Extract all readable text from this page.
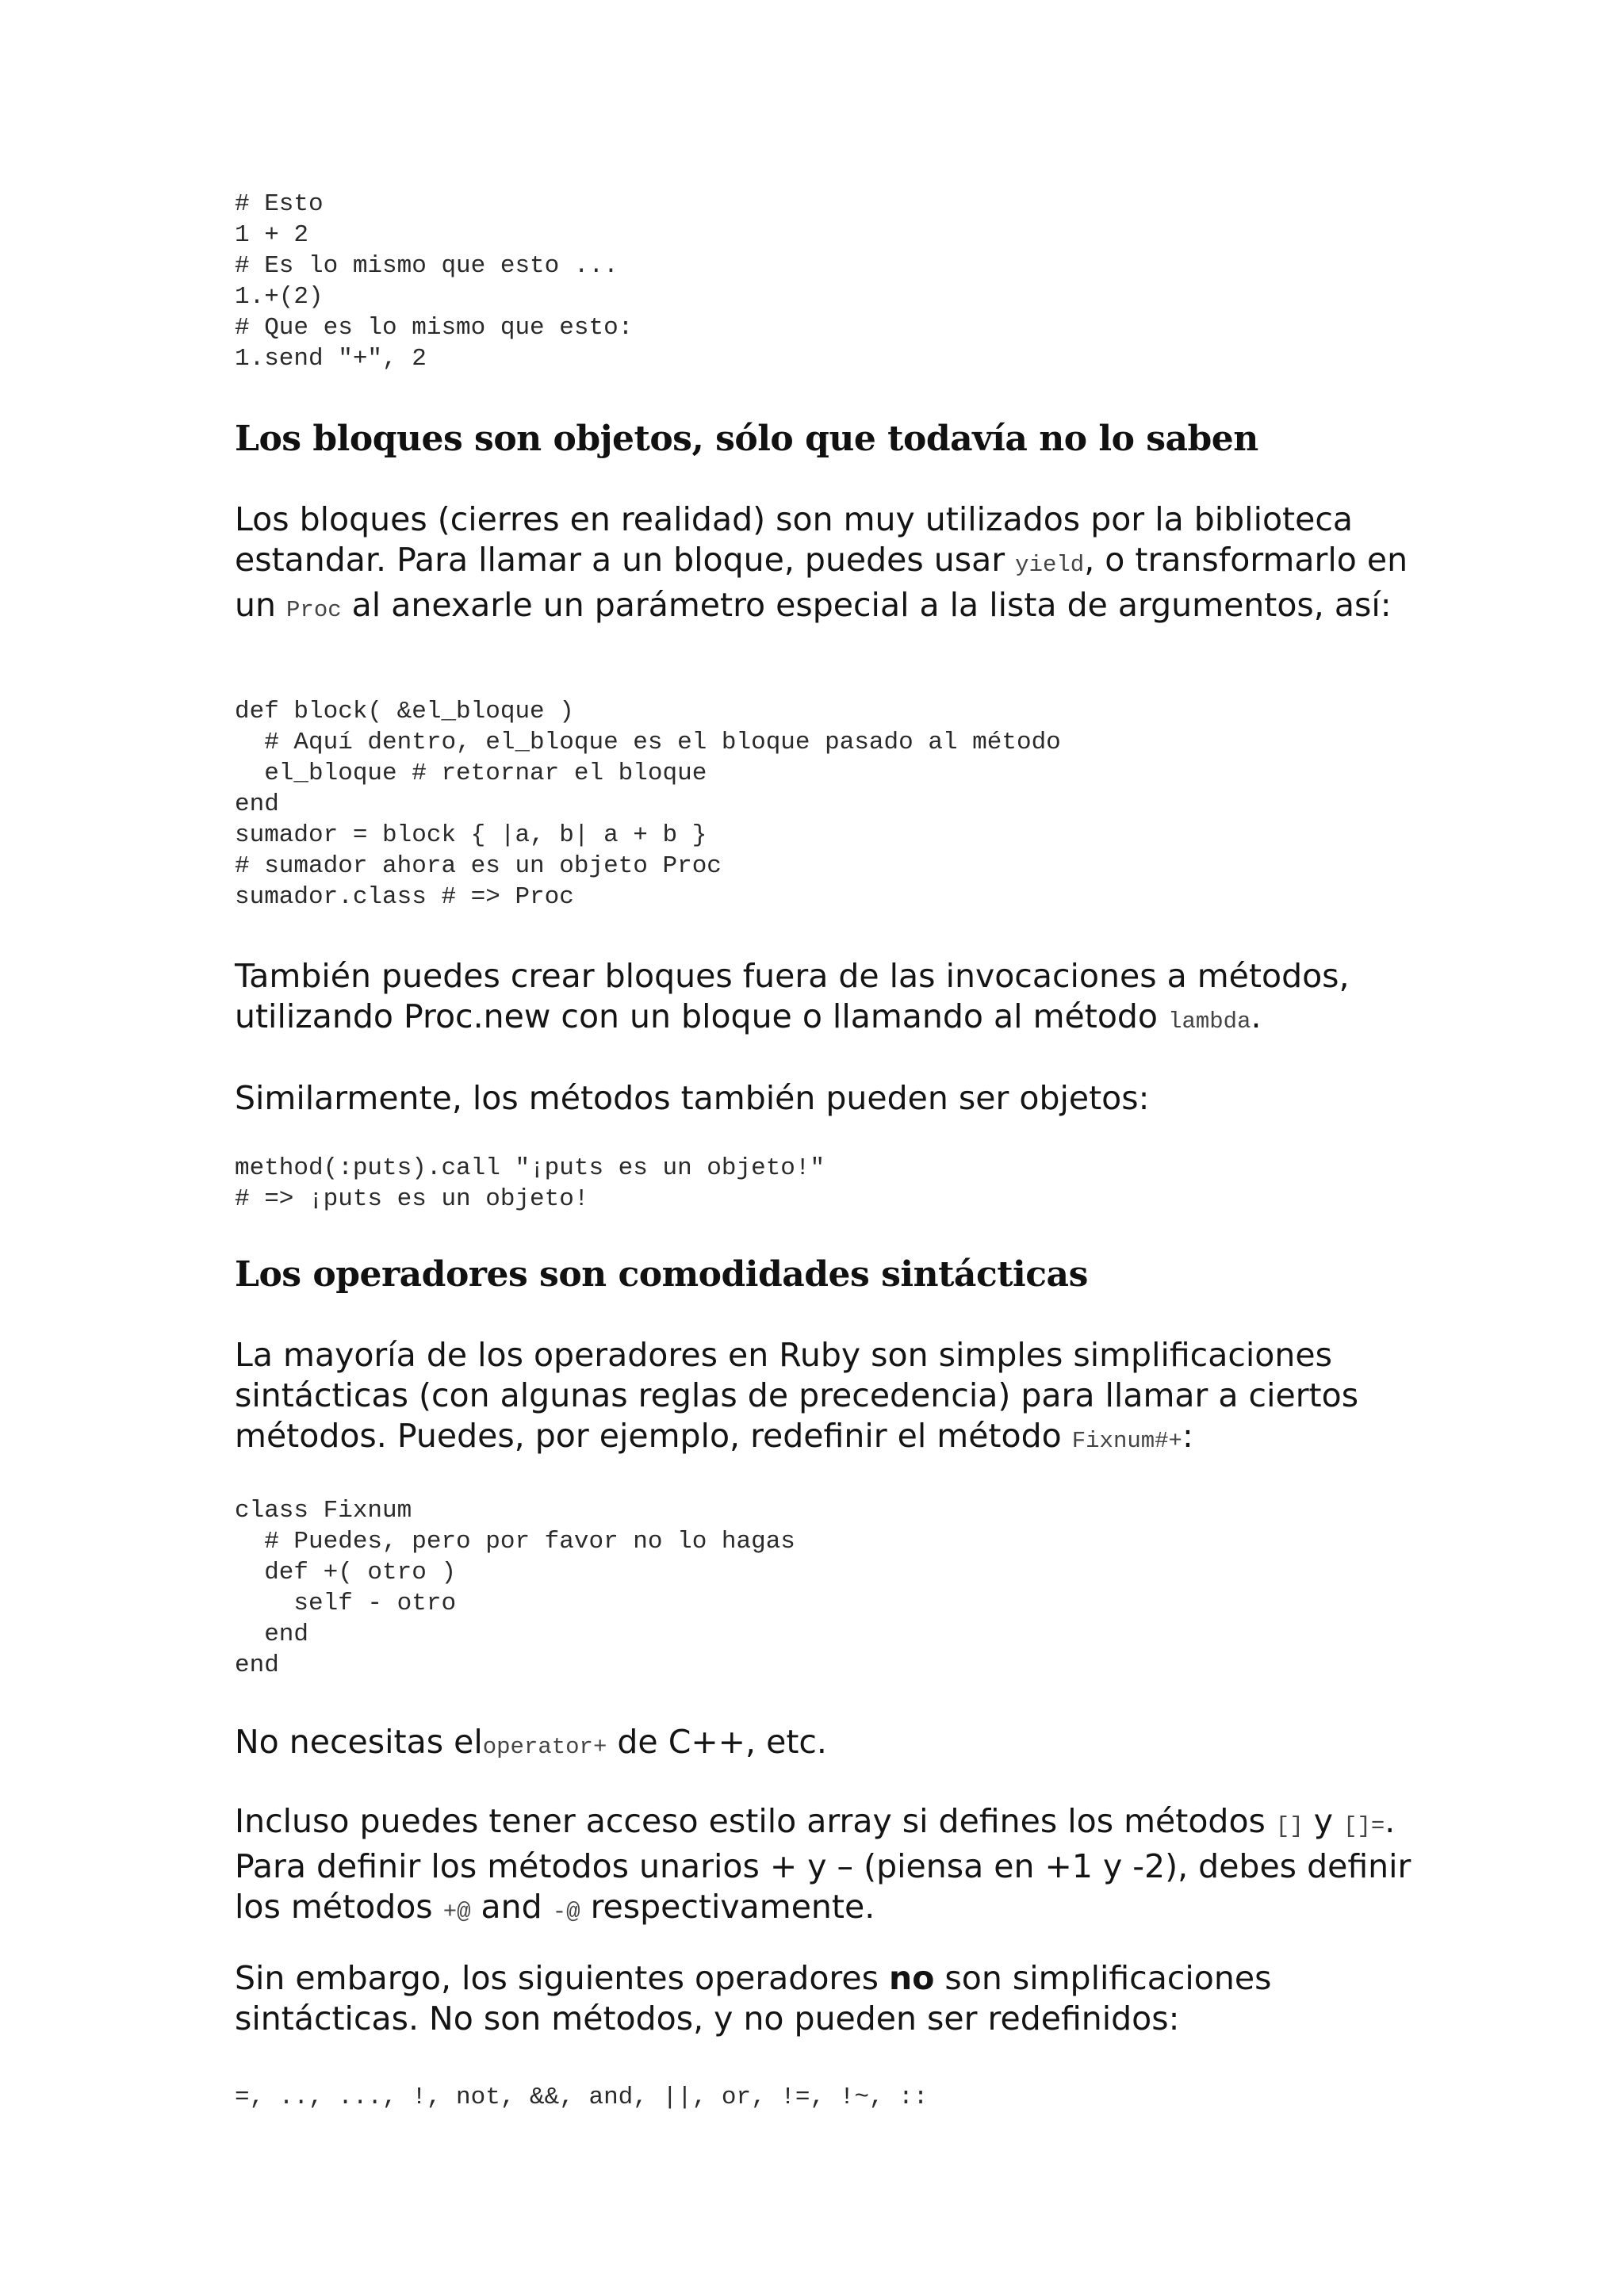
# Esto
1 + 2
# Es lo mismo que esto ...
1.+(2)
# Que es lo mismo que esto:
1.send "+", 2
Los bloques son objetos, sólo que todavía no lo saben

Los bloques (cierres en realidad) son muy utilizados por la biblioteca estandar. Para llamar a un bloque, puedes usar yield, o transformarlo en un Proc al anexarle un parámetro especial a la lista de argumentos, así:

def block( &el_bloque )
# Aquí dentro, el_bloque es el bloque pasado al método
el_bloque # retornar el bloque
end
sumador = block { |a, b| a + b }
# sumador ahora es un objeto Proc
sumador.class # => Proc

También puedes crear bloques fuera de las invocaciones a métodos, utilizando Proc.new con un bloque o llamando al método lambda.

Similarmente, los métodos también pueden ser objetos:

method(:puts).call "¡puts es un objeto!"
# => ¡puts es un objeto!
Los operadores son comodidades sintácticas

La mayoría de los operadores en Ruby son simples simplificaciones sintácticas (con algunas reglas de precedencia) para llamar a ciertos métodos. Puedes, por ejemplo, redefinir el método Fixnum#+:

class Fixnum
# Puedes, pero por favor no lo hagas
def +( otro )
self - otro
end
end

No necesitas eloperator+ de C++, etc.

Incluso puedes tener acceso estilo array si defines los métodos [] y []=. Para definir los métodos unarios + y – (piensa en +1 y -2), debes definir los métodos +@ and -@ respectivamente.

Sin embargo, los siguientes operadores no son simplificaciones sintácticas. No son métodos, y no pueden ser redefinidos:

=, .., ..., !, not, &&, and, ||, or, !=, !~, ::
